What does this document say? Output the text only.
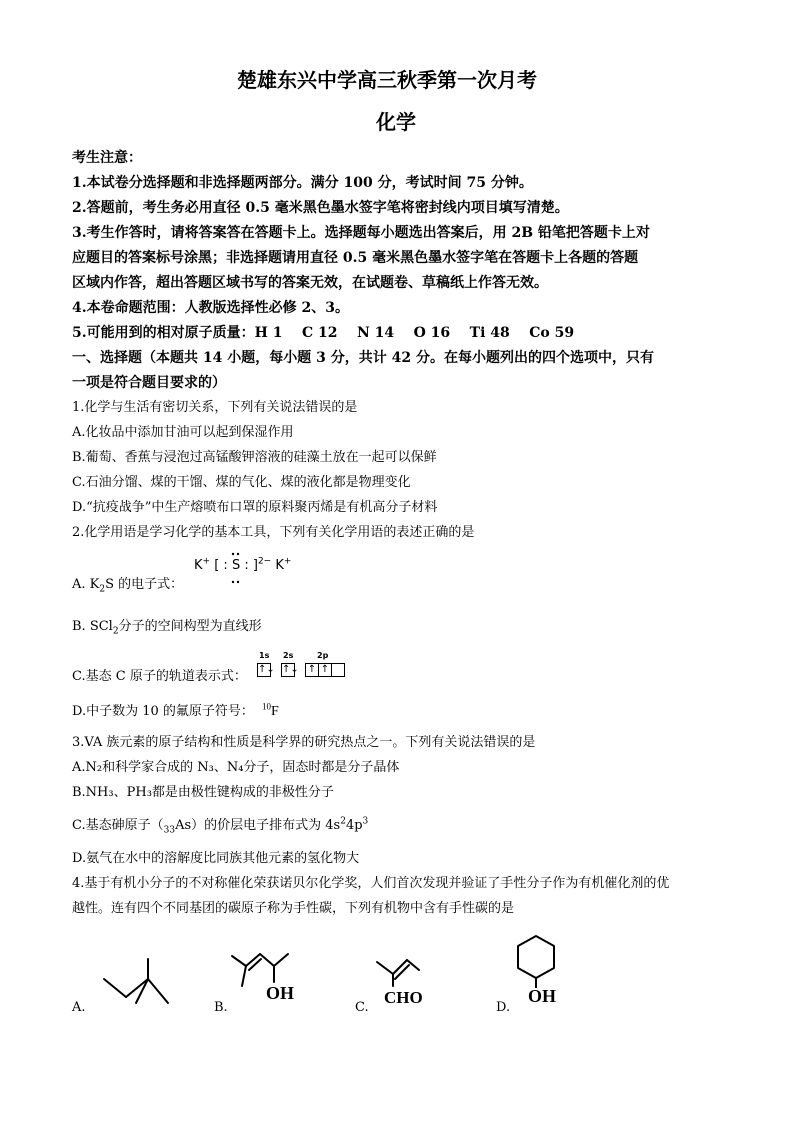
楚雄东兴中学高三秋季第一次月考
化学
考生注意：
1.本试卷分选择题和非选择题两部分。满分 100 分，考试时间 75 分钟。
2.答题前，考生务必用直径 0.5 毫米黑色墨水签字笔将密封线内项目填写清楚。
3.考生作答时，请将答案答在答题卡上。选择题每小题选出答案后，用 2B 铅笔把答题卡上对
应题目的答案标号涂黑；非选择题请用直径 0.5 毫米黑色墨水签字笔在答题卡上各题的答题
区域内作答，超出答题区域书写的答案无效，在试题卷、草稿纸上作答无效。
4.本卷命题范围：人教版选择性必修 2、3。
5.可能用到的相对原子质量：H 1    C 12    N 14    O 16    Ti 48    Co 59
一、选择题（本题共 14 小题，每小题 3 分，共计 42 分。在每小题列出的四个选项中，只有
一项是符合题目要求的）
1.化学与生活有密切关系，下列有关说法错误的是
A.化妆品中添加甘油可以起到保湿作用
B.葡萄、香蕉与浸泡过高锰酸钾溶液的硅藻土放在一起可以保鲜
C.石油分馏、煤的干馏、煤的气化、煤的液化都是物理变化
D.“抗疫战争”中生产熔喷布口罩的原料聚丙烯是有机高分子材料
2.化学用语是学习化学的基本工具，下列有关化学用语的表述正确的是
A. $K_2S$ 的电子式：
K+ [ : S : ]$^{2-}$ K+
B. SCl$_2$分子的空间构型为直线形
C.基态 C 原子的轨道表示式：
1s 2s	2p
↑↓ ↑↓ ↑ ↑
D.中子数为 10 的氟原子符号： $^{10}$F
3.VA 族元素的原子结构和性质是科学界的研究热点之一。下列有关说法错误的是
A.N₂和科学家合成的 N₃、N₄分子，固态时都是分子晶体
B.NH₃、PH₃都是由极性键构成的非极性分子
C.基态砷原子$(_{33}As)$的价层电子排布式为 $4s^24p^3$
D.氨气在水中的溶解度比同族其他元素的氢化物大
4.基于有机小分子的不对称催化荣获诺贝尔化学奖，人们首次发现并验证了手性分子作为有机催化剂的优
越性。连有四个不同基团的碳原子称为手性碳，下列有机物中含有手性碳的是
A.	B.	C.	D.
OH	CHO	OH
